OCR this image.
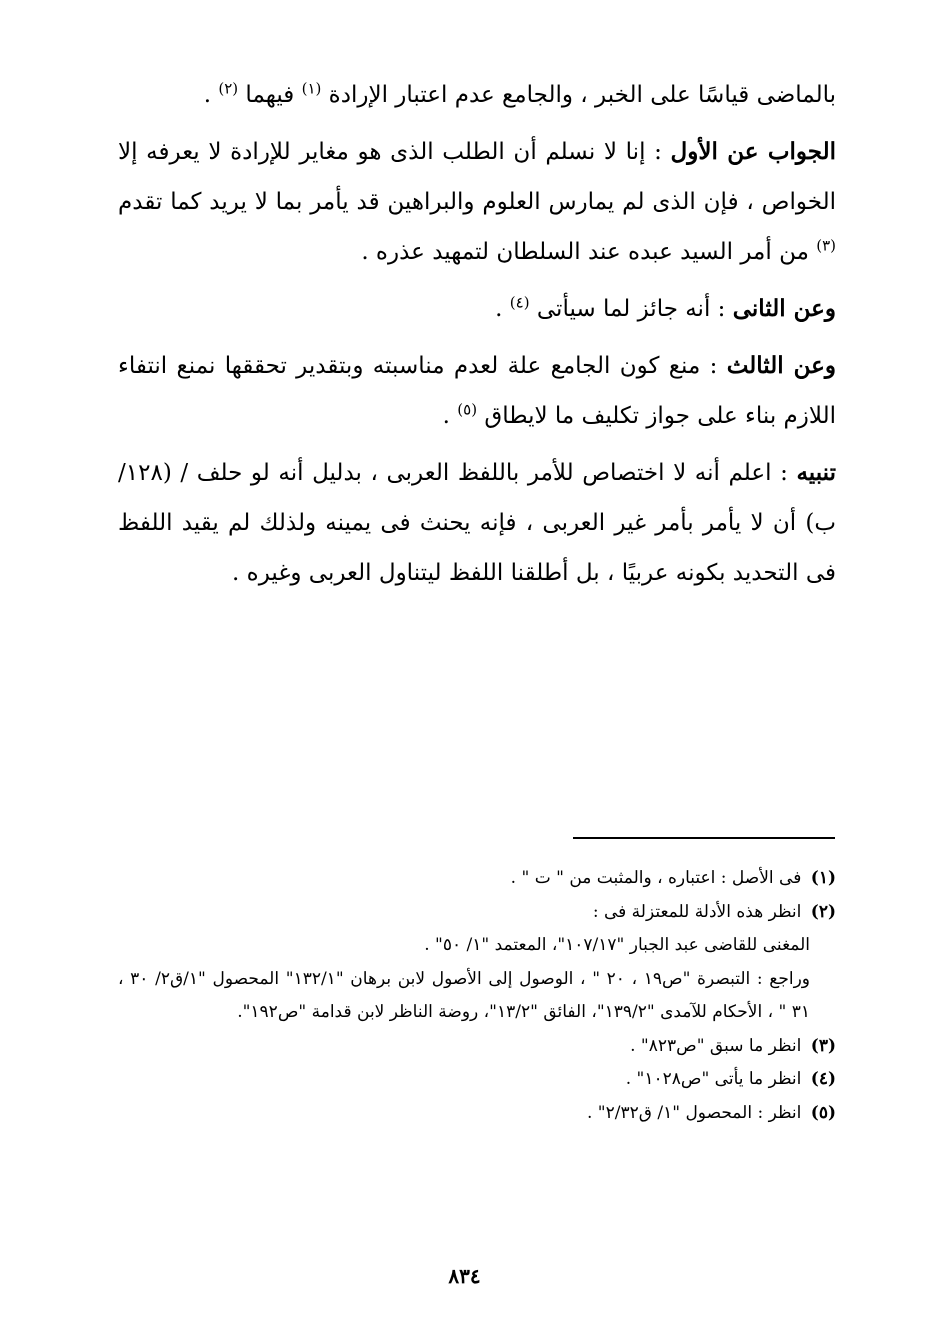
بالماضى قياسًا على الخبر ، والجامع عدم اعتبار الإرادة $^{(١)}$ فيهما $^{(٢)}$ .

الجواب عن الأول : إنا لا نسلم أن الطلب الذى هو مغاير للإرادة لا يعرفه إلا الخواص ، فإن الذى لم يمارس العلوم والبراهين قد يأمر بما لا يريد كما تقدم $^{(٣)}$ من أمر السيد عبده عند السلطان لتمهيد عذره .

وعن الثانى : أنه جائز لما سيأتى $^{(٤)}$ .

وعن الثالث : منع كون الجامع علة لعدم مناسبته وبتقدير تحققها نمنع انتفاء اللازم بناء على جواز تكليف ما لايطاق $^{(٥)}$ .

تنبيه : اعلم أنه لا اختصاص للأمر باللفظ العربى ، بدليل أنه لو حلف / (١٢٨/ب) أن لا يأمر بأمر غير العربى ، فإنه يحنث فى يمينه ولذلك لم يقيد اللفظ فى التحديد بكونه عربيًا ، بل أطلقنا اللفظ ليتناول العربى وغيره .

(١) فى الأصل : اعتباره ، والمثبت من " ت " .

(٢) انظر هذه الأدلة للمعتزلة فى :

المغنى للقاضى عبد الجبار "١٠٧/١٧"، المعتمد "١/ ٥٠" .

وراجع : التبصرة "ص١٩ ، ٢٠ " ، الوصول إلى الأصول لابن برهان "١٣٢/١" المحصول "١/ق٢/ ٣٠ ، ٣١ " ، الأحكام للآمدى "١٣٩/٢"، الفائق "١٣/٢"، روضة الناظر لابن قدامة "ص١٩٢".

(٣) انظر ما سبق "ص٨٢٣" .

(٤) انظر ما يأتى "ص١٠٢٨" .

(٥) انظر : المحصول "١/ ق٢/٣٢" .

٨٣٤
